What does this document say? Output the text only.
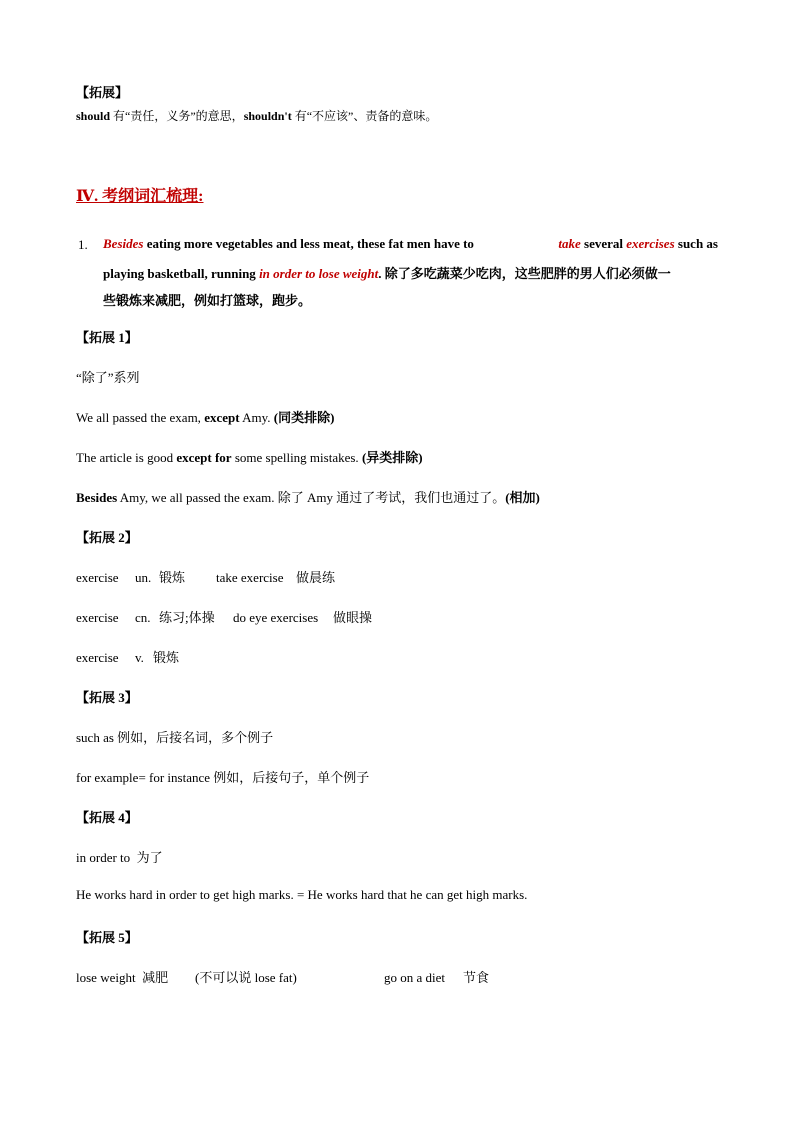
【拓展】
should 有“责任，义务”的意思，shouldn't 有“不应该”、责备的意味。
Ⅳ. 考纲词汇梳理:
1. Besides eating more vegetables and less meat, these fat men have to	take several exercises such as
playing basketball, running in order to lose weight. 除了多吃蔬菜少吃肉，这些肥胖的男人们必须做一
些锻炼来减肥，例如打篮球，跑步。
【拓展 1】
“除了”系列
We all passed the exam, except Amy. (同类排除)
The article is good except for some spelling mistakes. (异类排除)
Besides Amy, we all passed the exam. 除了 Amy 通过了考试，我们也通过了。(相加)
【拓展 2】
exercise un. 锻炼 take exercise 做晨练
exercise cn. 练习;体操 do eye exercises 做眼操
exercise v. 锻炼
【拓展 3】
such as 例如，后接名词，多个例子
for example= for instance 例如，后接句子，单个例子
【拓展 4】
in order to  为了
He works hard in order to get high marks. = He works hard that he can get high marks.
【拓展 5】
lose weight  减肥 (不可以说 lose fat)	go on a diet 节食
